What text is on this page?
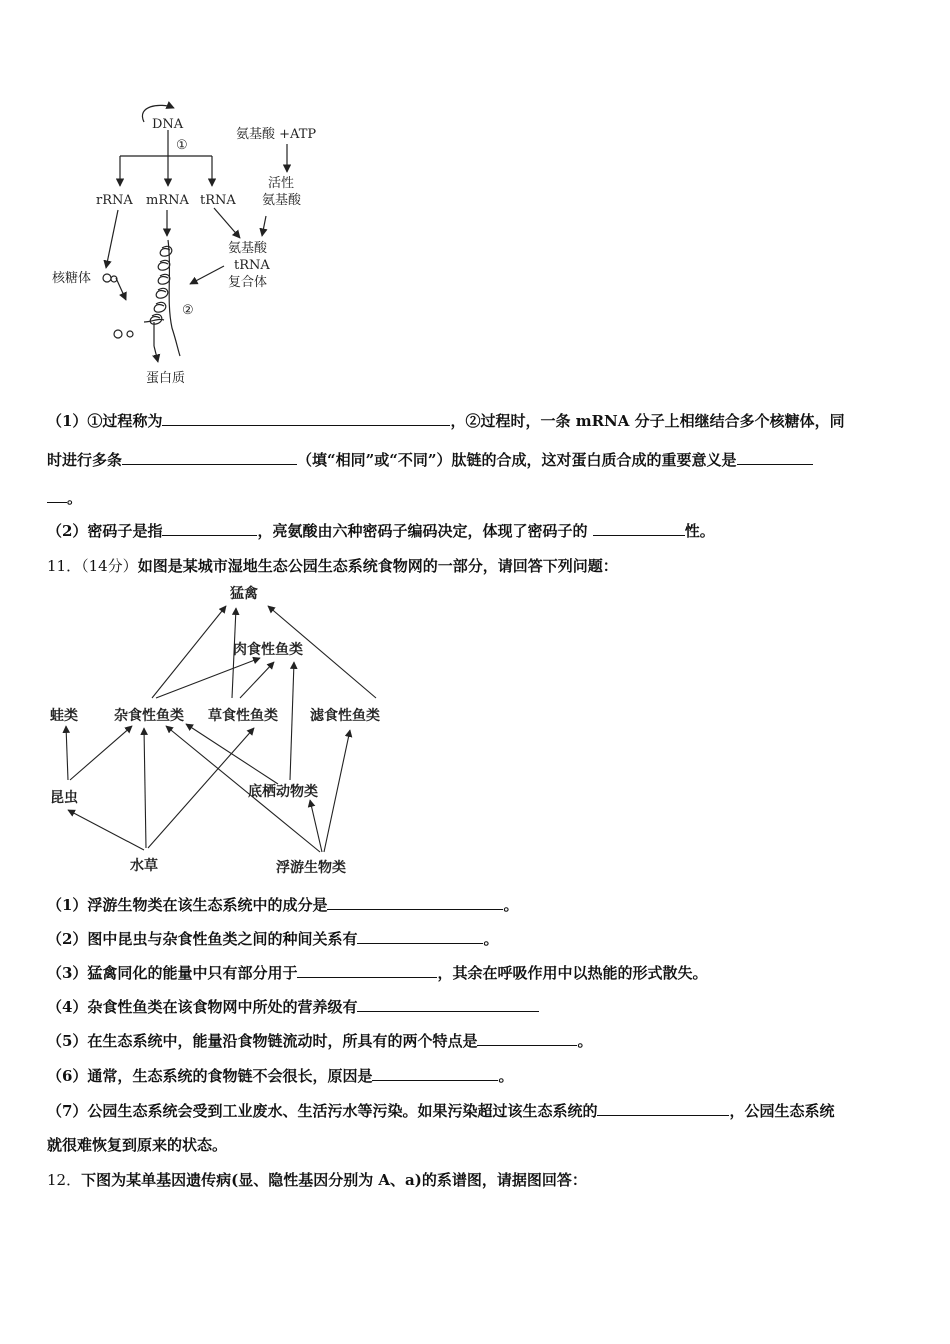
DNA
①
氨基酸 +ATP
活性
氨基酸
rRNA mRNA tRNA
氨基酸
tRNA
复合体
核糖体
②
蛋白质
（1）①过程称为	，②过程时，一条 mRNA 分子上相继结合多个核糖体，同
时进行多条	（填“相同”或“不同”）肽链的合成，这对蛋白质合成的重要意义是
。
（2）密码子是指	，亮氨酸由六种密码子编码决定，体现了密码子的	性。
11．（14分）如图是某城市湿地生态公园生态系统食物网的一部分，请回答下列问题：
猛禽
肉食性鱼类
蛙类	杂食性鱼类 草食性鱼类 滤食性鱼类
昆虫	底栖动物类
水草	浮游生物类
（1）浮游生物类在该生态系统中的成分是	。
（2）图中昆虫与杂食性鱼类之间的种间关系有	。
（3）猛禽同化的能量中只有部分用于	，其余在呼吸作用中以热能的形式散失。
（4）杂食性鱼类在该食物网中所处的营养级有
（5）在生态系统中，能量沿食物链流动时，所具有的两个特点是	。
（6）通常，生态系统的食物链不会很长，原因是	。
（7）公园生态系统会受到工业废水、生活污水等污染。如果污染超过该生态系统的	，公园生态系统
就很难恢复到原来的状态。
12．下图为某单基因遗传病(显、隐性基因分别为 A、a)的系谱图，请据图回答：
